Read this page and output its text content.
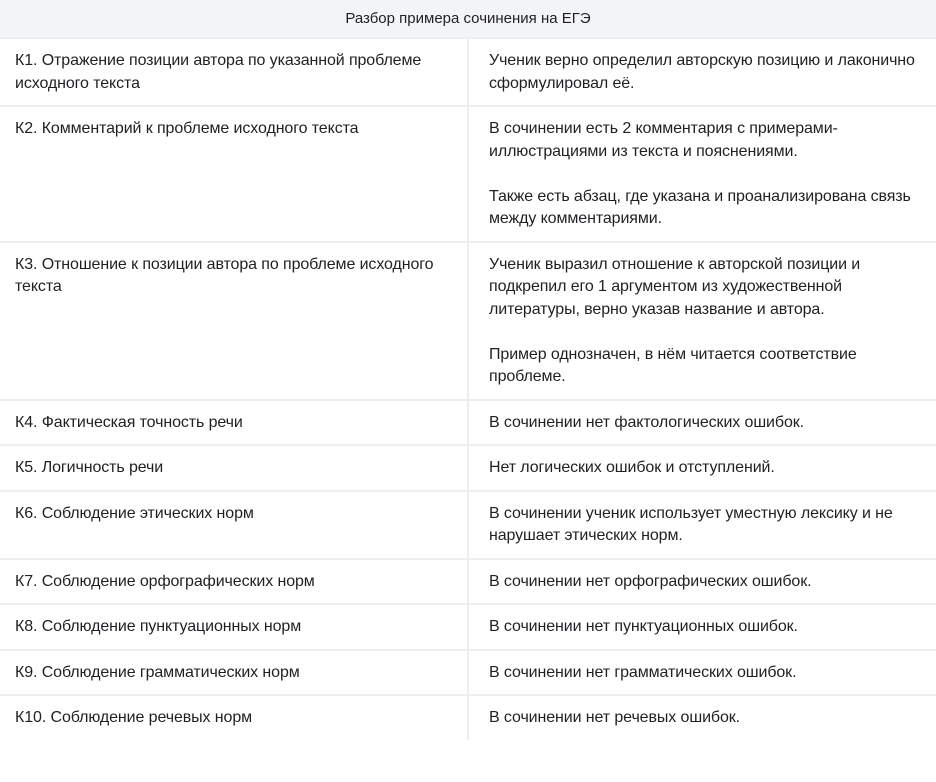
Разбор примера сочинения на ЕГЭ	
К1. Отражение позиции автора по указанной проблеме исходного текста	Ученик верно определил авторскую позицию и лаконично сформулировал её.

К2. Комментарий к проблеме исходного текста	В сочинении есть 2 комментария с примерами-иллюстрациями из текста и пояснениями.

Также есть абзац, где указана и проанализирована связь между комментариями.

К3. Отношение к позиции автора по проблеме исходного текста	Ученик выразил отношение к авторской позиции и подкрепил его 1 аргументом из художественной литературы, верно указав название и автора.

Пример однозначен, в нём читается соответствие проблеме.

К4. Фактическая точность речи	В сочинении нет фактологических ошибок.

К5. Логичность речи	Нет логических ошибок и отступлений.

К6. Соблюдение этических норм	В сочинении ученик использует уместную лексику и не нарушает этических норм.

К7. Соблюдение орфографических норм	В сочинении нет орфографических ошибок.

К8. Соблюдение пунктуационных норм	В сочинении нет пунктуационных ошибок.

К9. Соблюдение грамматических норм	В сочинении нет грамматических ошибок.

К10. Соблюдение речевых норм	В сочинении нет речевых ошибок.
